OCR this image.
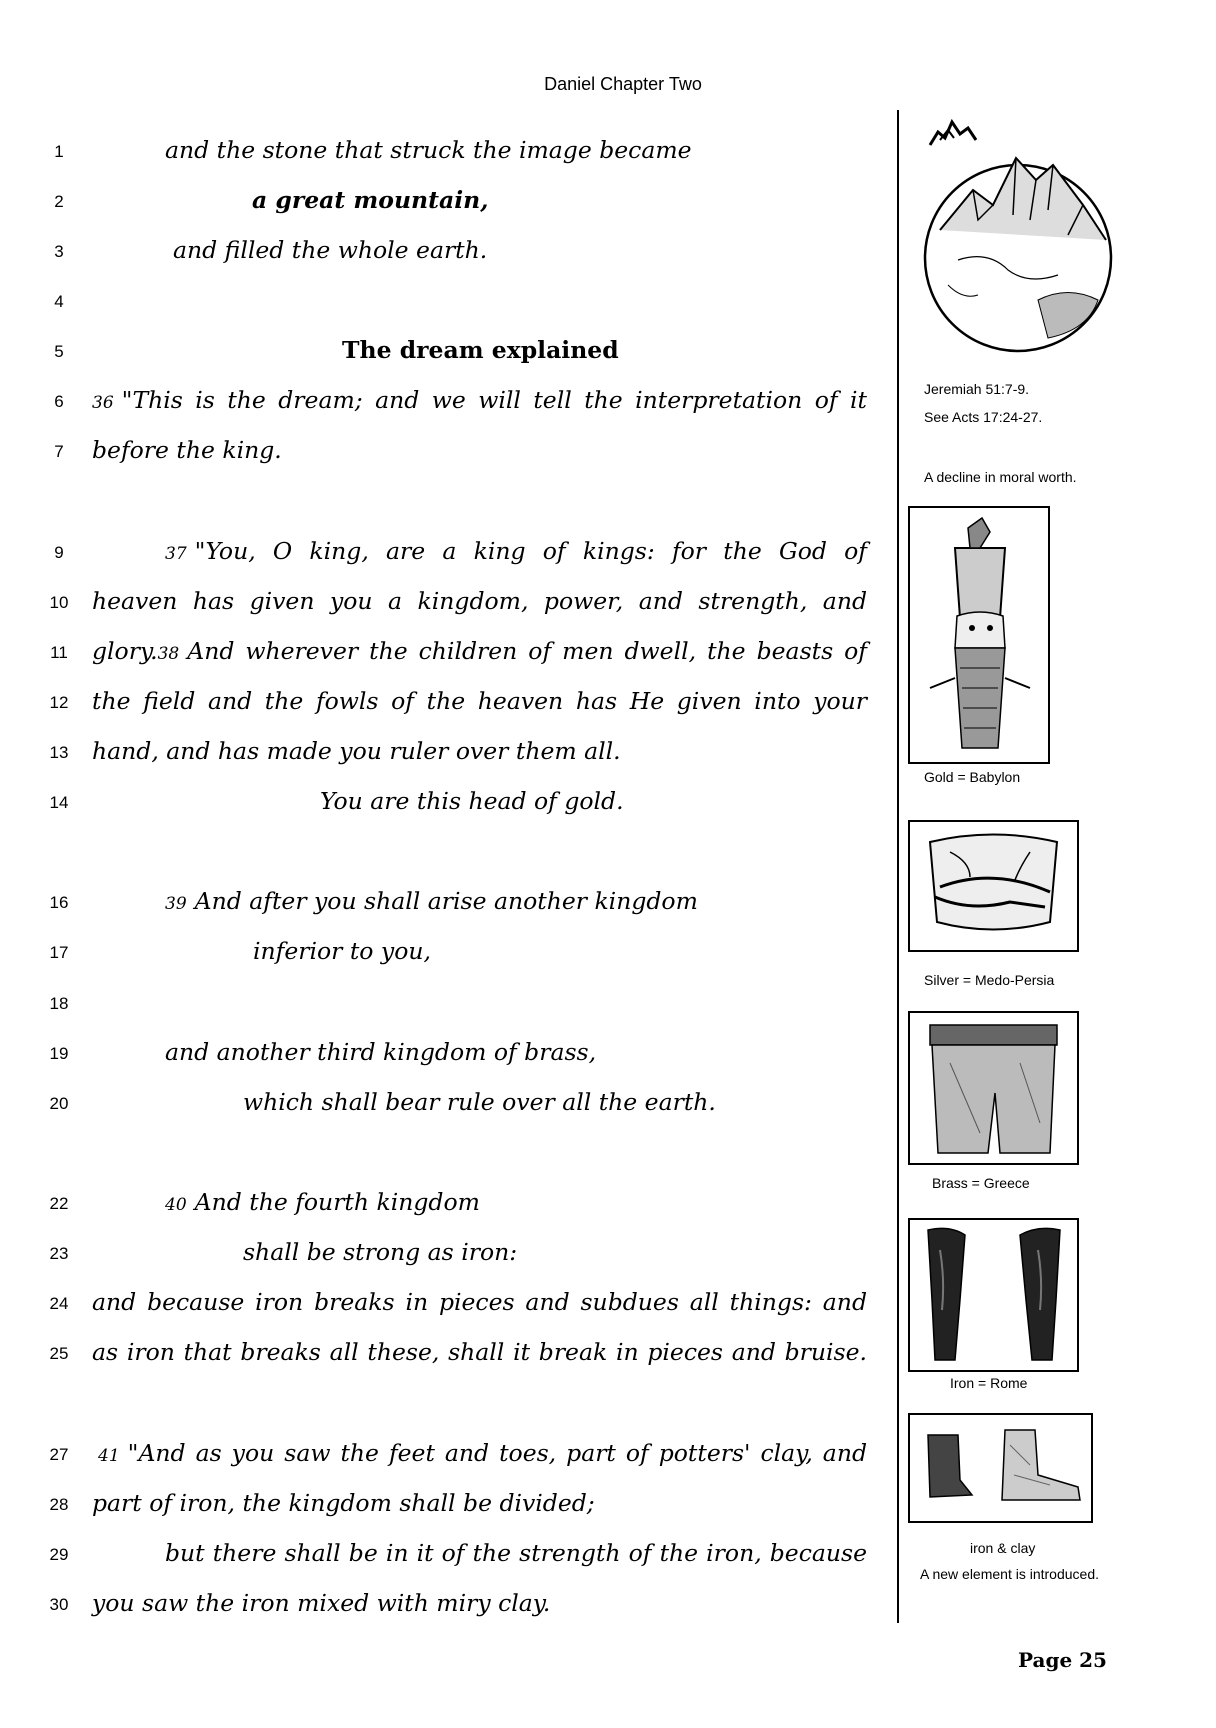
Daniel Chapter Two
1	and the stone that struck the image became
2	a great mountain,
3	and filled the whole earth.
4
5	The dream explained
6	36 "This is the dream; and we will tell the interpretation of it
7	before the king.
9	37 "You, O king, are a king of kings: for the God of
10 heaven has given you a kingdom, power, and strength, and
11 glory.38 And wherever the children of men dwell, the beasts of
12 the field and the fowls of the heaven has He given into your
13 hand, and has made you ruler over them all.
14	You are this head of gold.
16	39 And after you shall arise another kingdom
17	inferior to you,
18
19	and another third kingdom of brass,
20	which shall bear rule over all the earth.
22	40 And the fourth kingdom
23	shall be strong as iron:
24 and because iron breaks in pieces and subdues all things: and
25 as iron that breaks all these, shall it break in pieces and bruise.
27	41 "And as you saw the feet and toes, part of potters' clay, and
28 part of iron, the kingdom shall be divided;
29	but there shall be in it of the strength of the iron, because
30 you saw the iron mixed with miry clay.
Jeremiah 51:7-9.
See Acts 17:24-27.
A decline in moral worth.
Gold = Babylon
Silver = Medo-Persia
Brass = Greece
Iron = Rome
iron & clay
A new element is introduced.
Page 25
